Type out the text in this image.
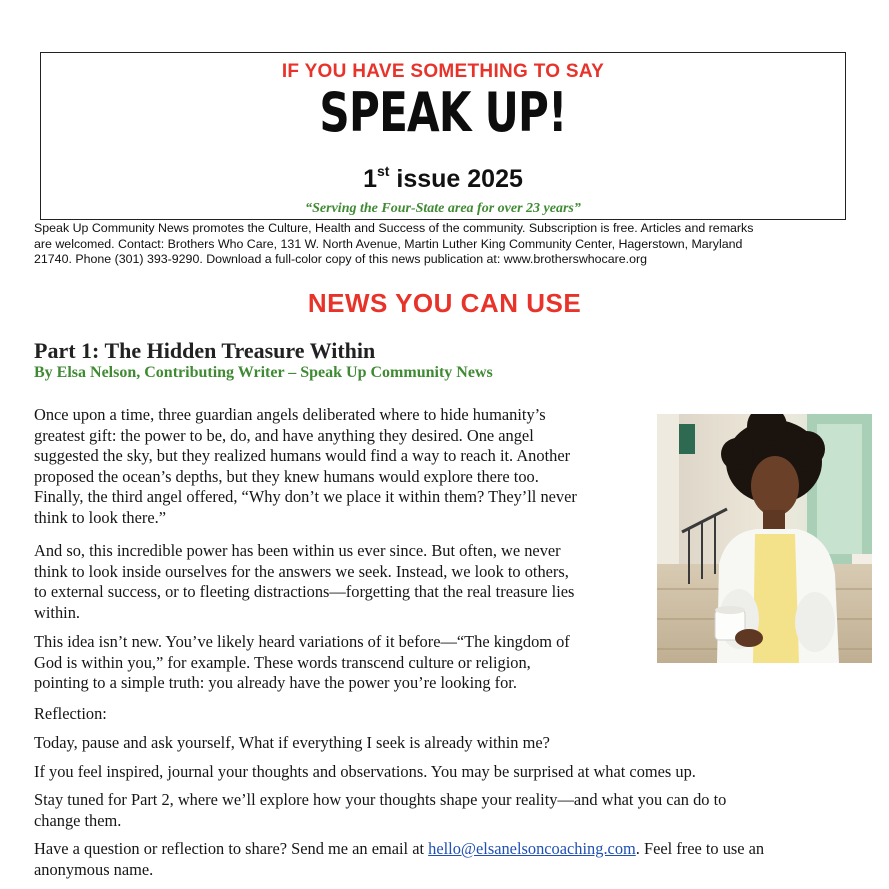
IF YOU HAVE SOMETHING TO SAY
SPEAK UP!
1st issue 2025
“Serving the Four-State area for over 23 years”
Speak Up Community News promotes the Culture, Health and Success of the community. Subscription is free. Articles and remarks
are welcomed. Contact: Brothers Who Care, 131 W. North Avenue, Martin Luther King Community Center, Hagerstown, Maryland
21740. Phone (301) 393-9290. Download a full-color copy of this news publication at: www.brotherswhocare.org
NEWS YOU CAN USE
Part 1: The Hidden Treasure Within
By Elsa Nelson, Contributing Writer – Speak Up Community News
Once upon a time, three guardian angels deliberated where to hide humanity’s
greatest gift: the power to be, do, and have anything they desired. One angel
suggested the sky, but they realized humans would find a way to reach it. Another
proposed the ocean’s depths, but they knew humans would explore there too.
Finally, the third angel offered, “Why don’t we place it within them? They’ll never
think to look there.”
And so, this incredible power has been within us ever since. But often, we never
think to look inside ourselves for the answers we seek. Instead, we look to others,
to external success, or to fleeting distractions—forgetting that the real treasure lies
within.
This idea isn’t new. You’ve likely heard variations of it before—“The kingdom of
God is within you,” for example. These words transcend culture or religion,
pointing to a simple truth: you already have the power you’re looking for.
Reflection:
Today, pause and ask yourself, What if everything I seek is already within me?
If you feel inspired, journal your thoughts and observations. You may be surprised at what comes up.
Stay tuned for Part 2, where we’ll explore how your thoughts shape your reality—and what you can do to
change them.
Have a question or reflection to share? Send me an email at hello@elsanelsoncoaching.com. Feel free to use an
anonymous name.
